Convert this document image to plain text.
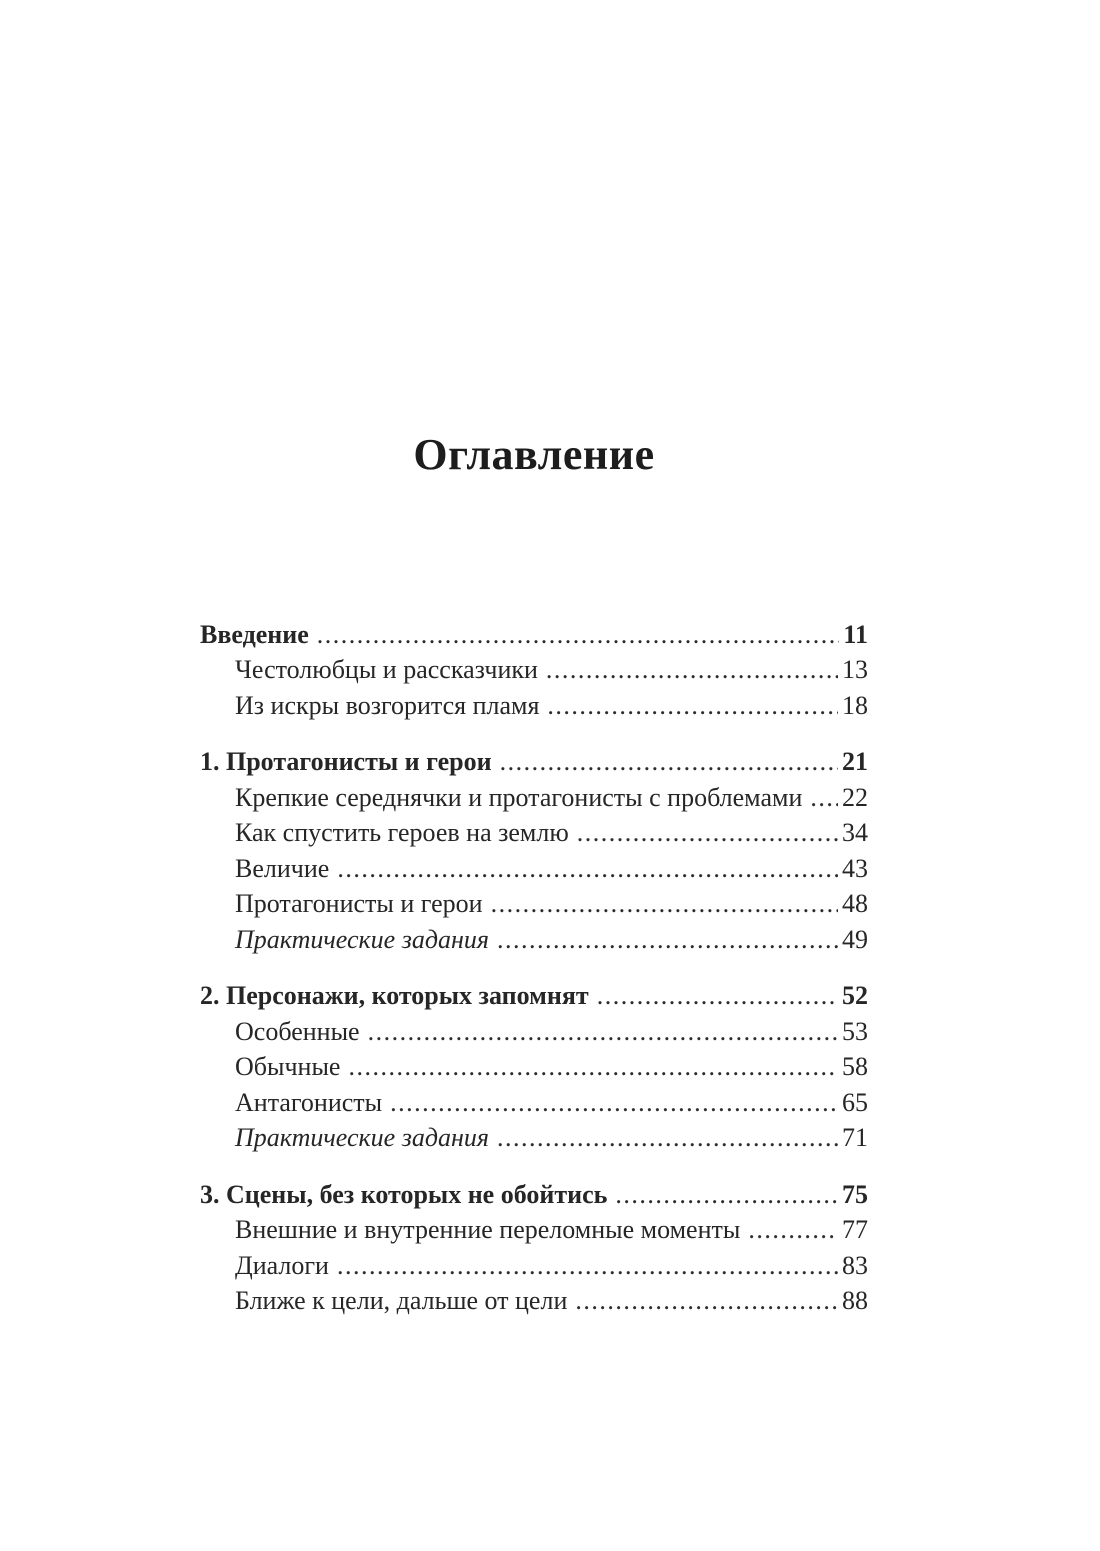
Оглавление
Введение .....	11
Честолюбцы и рассказчики .....	13
Из искры возгорится пламя .....	18
1. Протагонисты и герои .....	21
Крепкие середнячки и протагонисты с проблемами ..... 22
Как спустить героев на землю .....	34
Величие .....	43
Протагонисты и герои .....	48
Практические задания .....	49
2. Персонажи, которых запомнят .....	52
Особенные .....	53
Обычные .....	58
Антагонисты .....	65
Практические задания .....	71
3. Сцены, без которых не обойтись .....	75
Внешние и внутренние переломные моменты .....	77
Диалоги .....	83
Ближе к цели, дальше от цели .....	88
